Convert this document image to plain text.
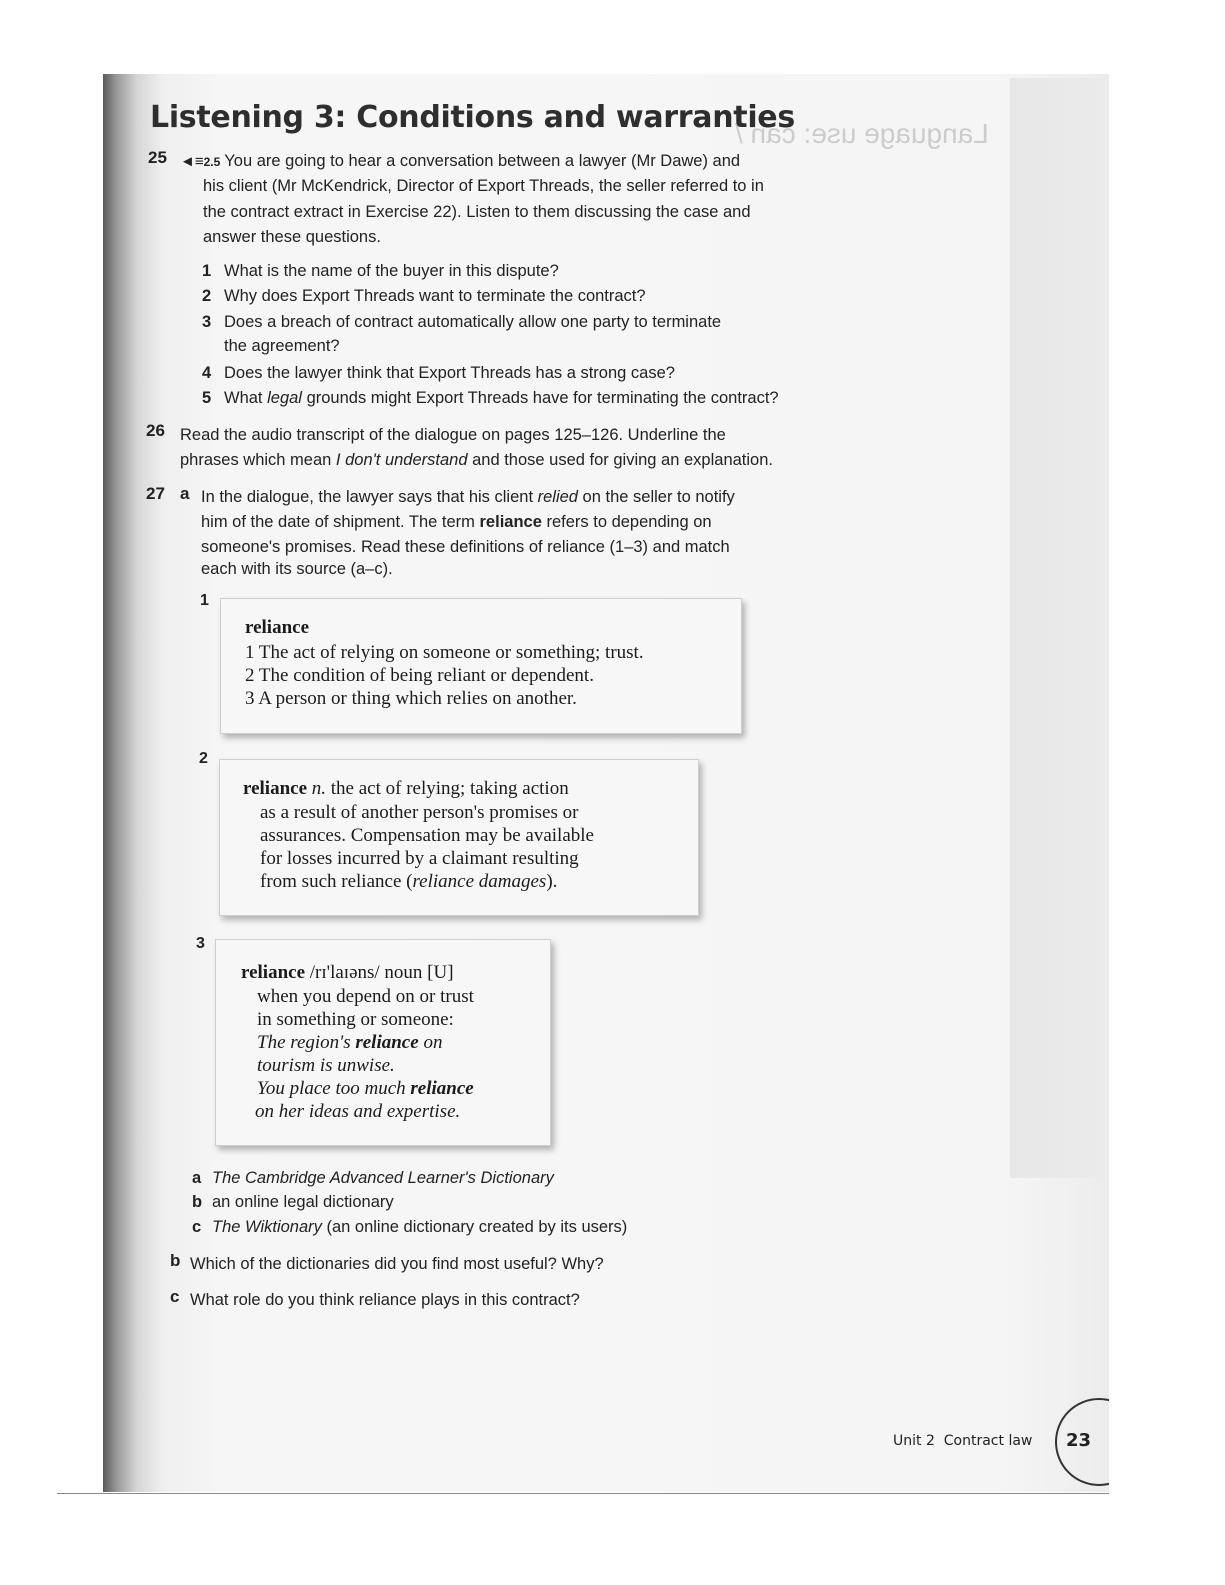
Language use: can /
Listening 3: Conditions and warranties
25 ◄≡2.5 You are going to hear a conversation between a lawyer (Mr Dawe) and
his client (Mr McKendrick, Director of Export Threads, the seller referred to in
the contract extract in Exercise 22). Listen to them discussing the case and
answer these questions.
1 What is the name of the buyer in this dispute?
2 Why does Export Threads want to terminate the contract?
3 Does a breach of contract automatically allow one party to terminate
the agreement?
4 Does the lawyer think that Export Threads has a strong case?
5 What legal grounds might Export Threads have for terminating the contract?
26 Read the audio transcript of the dialogue on pages 125–126. Underline the
phrases which mean I don't understand and those used for giving an explanation.
27 a In the dialogue, the lawyer says that his client relied on the seller to notify
him of the date of shipment. The term reliance refers to depending on
someone's promises. Read these definitions of reliance (1–3) and match
each with its source (a–c).
1
reliance
1 The act of relying on someone or something; trust.
2 The condition of being reliant or dependent.
3 A person or thing which relies on another.
2
reliance n. the act of relying; taking action
as a result of another person's promises or
assurances. Compensation may be available
for losses incurred by a claimant resulting
from such reliance (reliance damages).
3
reliance /rɪ'laɪəns/ noun [U]
when you depend on or trust
in something or someone:
The region's reliance on
tourism is unwise.
You place too much reliance
on her ideas and expertise.
a The Cambridge Advanced Learner's Dictionary
b an online legal dictionary
c The Wiktionary (an online dictionary created by its users)
b Which of the dictionaries did you find most useful? Why?
c What role do you think reliance plays in this contract?
Unit 2 Contract law 23
